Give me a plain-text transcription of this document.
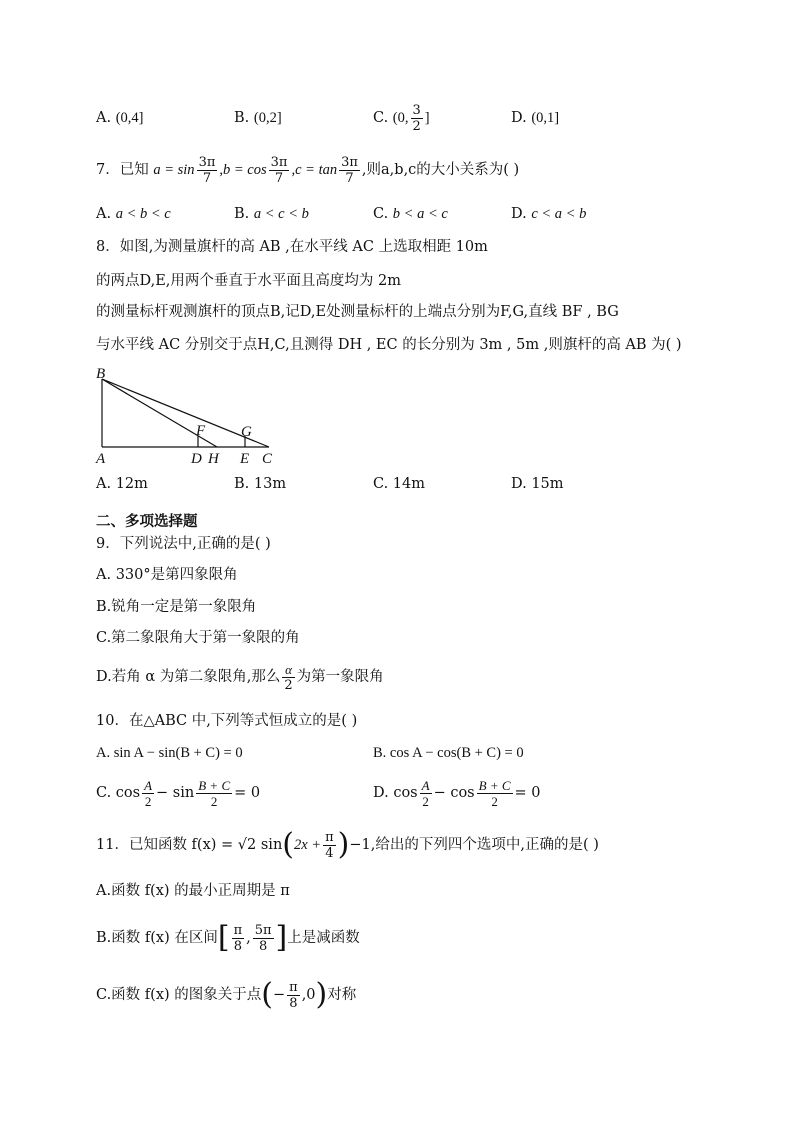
A. (0,4]	B. (0,2]	C. (0, $\frac{3}{2}$ ]	D. (0,1]
7．已知 $a = \sin \frac{3\pi}{7} ,b = \cos \frac{3\pi}{7} ,c = \tan \frac{3\pi}{7}$ ,则a,b,c的大小关系为( )
A. a < b < c	B. a < c < b	C. b < a < c	D. c < a < b
8．如图,为测量旗杆的高 AB ,在水平线 AC 上选取相距 10m
的两点D,E,用两个垂直于水平面且高度均为 2m
的测量标杆观测旗杆的顶点B,记D,E处测量标杆的上端点分别为F,G,直线 BF , BG
与水平线 AC 分别交于点H,C,且测得 DH , EC 的长分别为 3m , 5m ,则旗杆的高 AB 为( )
B
A
F G
D H E C
A. 12m	B. 13m	C. 14m	D. 15m
二、多项选择题
9．下列说法中,正确的是( )
A. 330°是第四象限角
B.锐角一定是第一象限角
C.第二象限角大于第一象限的角
D.若角 α 为第二象限角,那么 $\frac{\alpha}{2}$ 为第一象限角
10．在△ABC 中,下列等式恒成立的是( )
A. sin A − sin(B + C) = 0	B. cos A − cos(B + C) = 0
C. $\cos \frac{A}{2} - \sin \frac{B + C}{2} = 0$	D. $\cos \frac{A}{2} - \cos \frac{B + C}{2} = 0$
11．已知函数 f(x) = √2 $\sin(2x + \frac{\pi}{4} )-1$,给出的下列四个选项中,正确的是( )
A.函数 f(x) 的最小正周期是 π
B.函数 f(x) 在区间[ $\frac{\pi}{8}$ , $\frac{5\pi}{8}$ ]上是减函数
C.函数 f(x) 的图象关于点(− $\frac{\pi}{8} ,0$)对称
